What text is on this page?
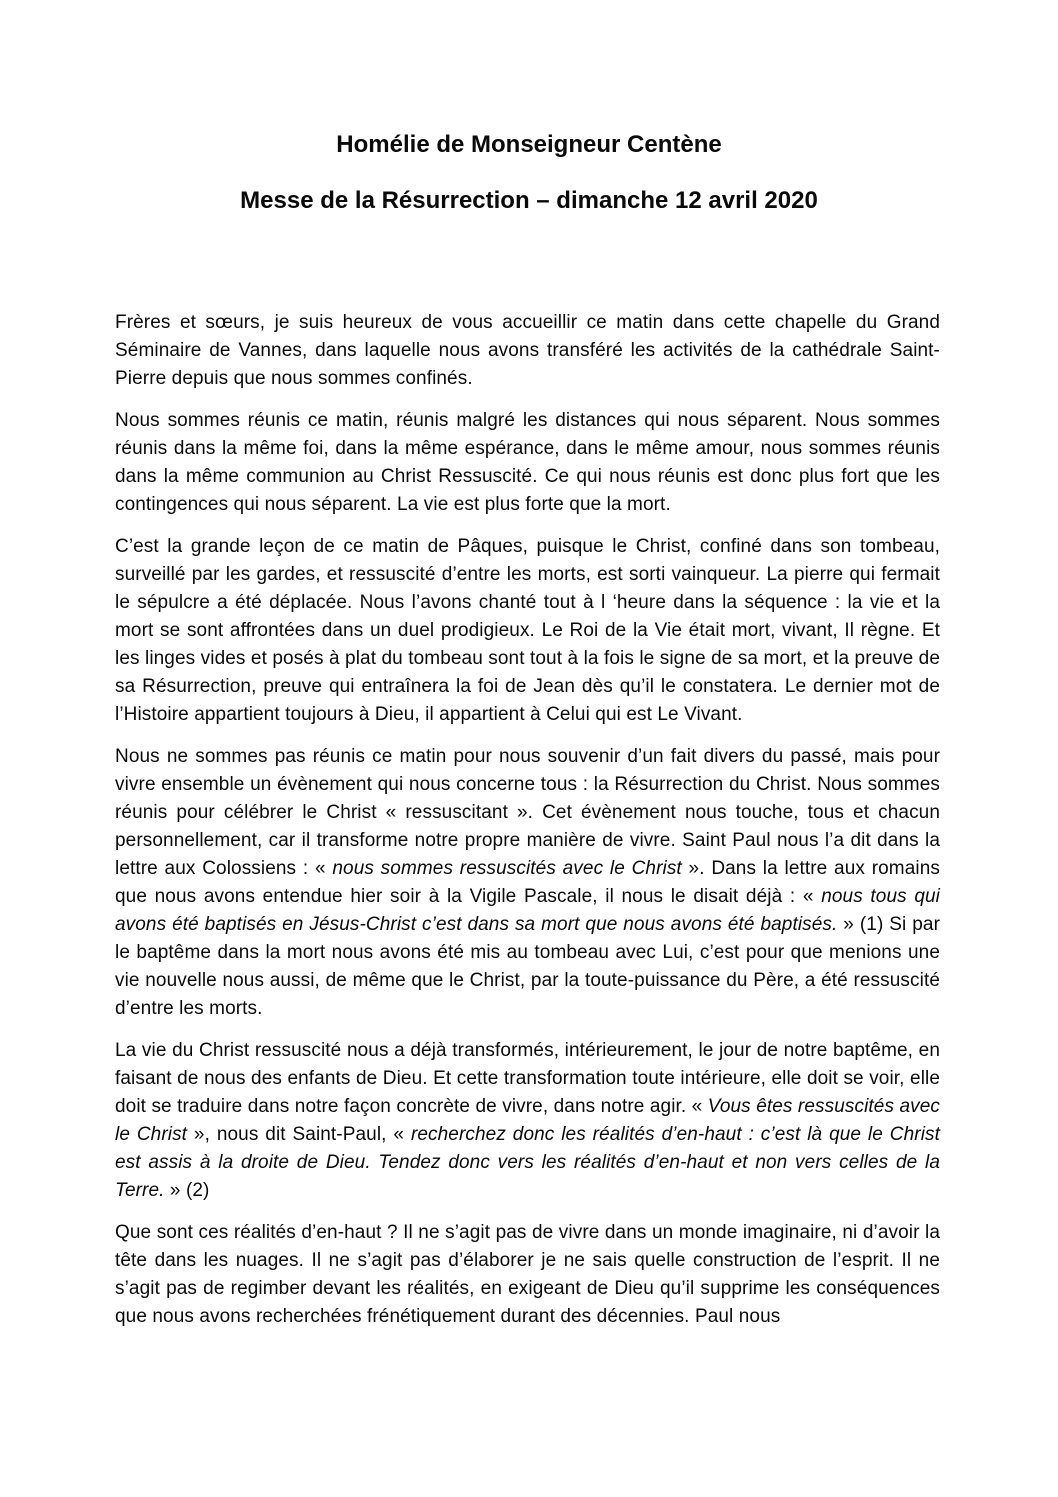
Homélie de Monseigneur Centène
Messe de la Résurrection – dimanche 12 avril 2020

Frères et sœurs, je suis heureux de vous accueillir ce matin dans cette chapelle du Grand Séminaire de Vannes, dans laquelle nous avons transféré les activités de la cathédrale Saint-Pierre depuis que nous sommes confinés.

Nous sommes réunis ce matin, réunis malgré les distances qui nous séparent. Nous sommes réunis dans la même foi, dans la même espérance, dans le même amour, nous sommes réunis dans la même communion au Christ Ressuscité. Ce qui nous réunis est donc plus fort que les contingences qui nous séparent. La vie est plus forte que la mort.

C’est la grande leçon de ce matin de Pâques, puisque le Christ, confiné dans son tombeau, surveillé par les gardes, et ressuscité d’entre les morts, est sorti vainqueur. La pierre qui fermait le sépulcre a été déplacée. Nous l’avons chanté tout à l ‘heure dans la séquence : la vie et la mort se sont affrontées dans un duel prodigieux. Le Roi de la Vie était mort, vivant, Il règne. Et les linges vides et posés à plat du tombeau sont tout à la fois le signe de sa mort, et la preuve de sa Résurrection, preuve qui entraînera la foi de Jean dès qu’il le constatera. Le dernier mot de l’Histoire appartient toujours à Dieu, il appartient à Celui qui est Le Vivant.

Nous ne sommes pas réunis ce matin pour nous souvenir d’un fait divers du passé, mais pour vivre ensemble un évènement qui nous concerne tous : la Résurrection du Christ. Nous sommes réunis pour célébrer le Christ « ressuscitant ». Cet évènement nous touche, tous et chacun personnellement, car il transforme notre propre manière de vivre. Saint Paul nous l’a dit dans la lettre aux Colossiens : « nous sommes ressuscités avec le Christ ». Dans la lettre aux romains que nous avons entendue hier soir à la Vigile Pascale, il nous le disait déjà : « nous tous qui avons été baptisés en Jésus-Christ c’est dans sa mort que nous avons été baptisés. » (1) Si par le baptême dans la mort nous avons été mis au tombeau avec Lui, c’est pour que menions une vie nouvelle nous aussi, de même que le Christ, par la toute-puissance du Père, a été ressuscité d’entre les morts.

La vie du Christ ressuscité nous a déjà transformés, intérieurement, le jour de notre baptême, en faisant de nous des enfants de Dieu. Et cette transformation toute intérieure, elle doit se voir, elle doit se traduire dans notre façon concrète de vivre, dans notre agir. « Vous êtes ressuscités avec le Christ », nous dit Saint-Paul, « recherchez donc les réalités d’en-haut : c’est là que le Christ est assis à la droite de Dieu. Tendez donc vers les réalités d’en-haut et non vers celles de la Terre. » (2)

Que sont ces réalités d’en-haut ? Il ne s’agit pas de vivre dans un monde imaginaire, ni d’avoir la tête dans les nuages. Il ne s’agit pas d’élaborer je ne sais quelle construction de l’esprit. Il ne s’agit pas de regimber devant les réalités, en exigeant de Dieu qu’il supprime les conséquences que nous avons recherchées frénétiquement durant des décennies. Paul nous
